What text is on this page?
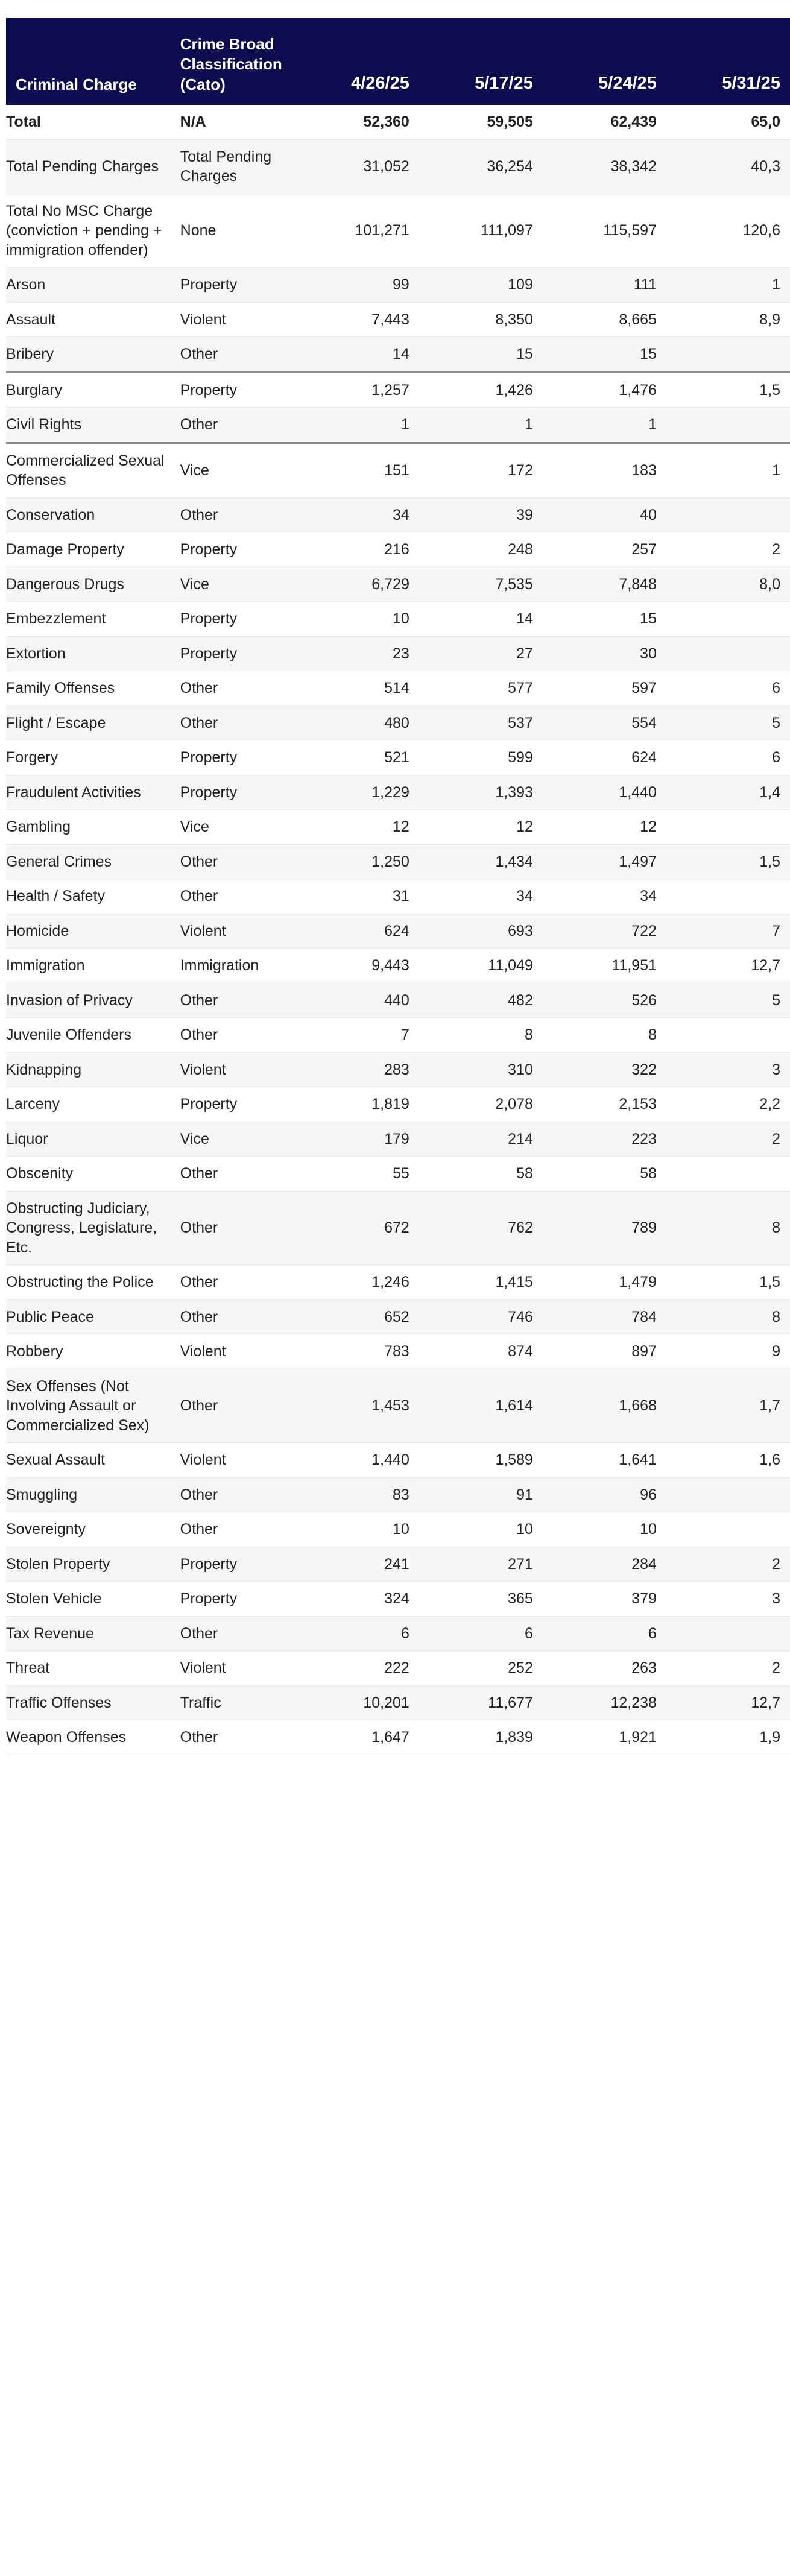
Criminal Charge	Crime Broad Classification (Cato)	4/26/25	5/17/25	5/24/25	5/31/25
Total	N/A	52,360	59,505	62,439	65,0
Total Pending Charges	Total Pending Charges	31,052	36,254	38,342	40,3
Total No MSC Charge (conviction + pending + immigration offender)	None	101,271	111,097	115,597	120,6
Arson	Property	99	109	111	1
Assault	Violent	7,443	8,350	8,665	8,9
Bribery	Other	14	15	15	
Burglary	Property	1,257	1,426	1,476	1,5
Civil Rights	Other	1	1	1	
Commercialized Sexual Offenses	Vice	151	172	183	1
Conservation	Other	34	39	40	
Damage Property	Property	216	248	257	2
Dangerous Drugs	Vice	6,729	7,535	7,848	8,0
Embezzlement	Property	10	14	15	
Extortion	Property	23	27	30	
Family Offenses	Other	514	577	597	6
Flight / Escape	Other	480	537	554	5
Forgery	Property	521	599	624	6
Fraudulent Activities	Property	1,229	1,393	1,440	1,4
Gambling	Vice	12	12	12	
General Crimes	Other	1,250	1,434	1,497	1,5
Health / Safety	Other	31	34	34	
Homicide	Violent	624	693	722	7
Immigration	Immigration	9,443	11,049	11,951	12,7
Invasion of Privacy	Other	440	482	526	5
Juvenile Offenders	Other	7	8	8	
Kidnapping	Violent	283	310	322	3
Larceny	Property	1,819	2,078	2,153	2,2
Liquor	Vice	179	214	223	2
Obscenity	Other	55	58	58	
Obstructing Judiciary, Congress, Legislature, Etc.	Other	672	762	789	8
Obstructing the Police	Other	1,246	1,415	1,479	1,5
Public Peace	Other	652	746	784	8
Robbery	Violent	783	874	897	9
Sex Offenses (Not Involving Assault or Commercialized Sex)	Other	1,453	1,614	1,668	1,7
Sexual Assault	Violent	1,440	1,589	1,641	1,6
Smuggling	Other	83	91	96	
Sovereignty	Other	10	10	10	
Stolen Property	Property	241	271	284	2
Stolen Vehicle	Property	324	365	379	3
Tax Revenue	Other	6	6	6	
Threat	Violent	222	252	263	2
Traffic Offenses	Traffic	10,201	11,677	12,238	12,7
Weapon Offenses	Other	1,647	1,839	1,921	1,9
